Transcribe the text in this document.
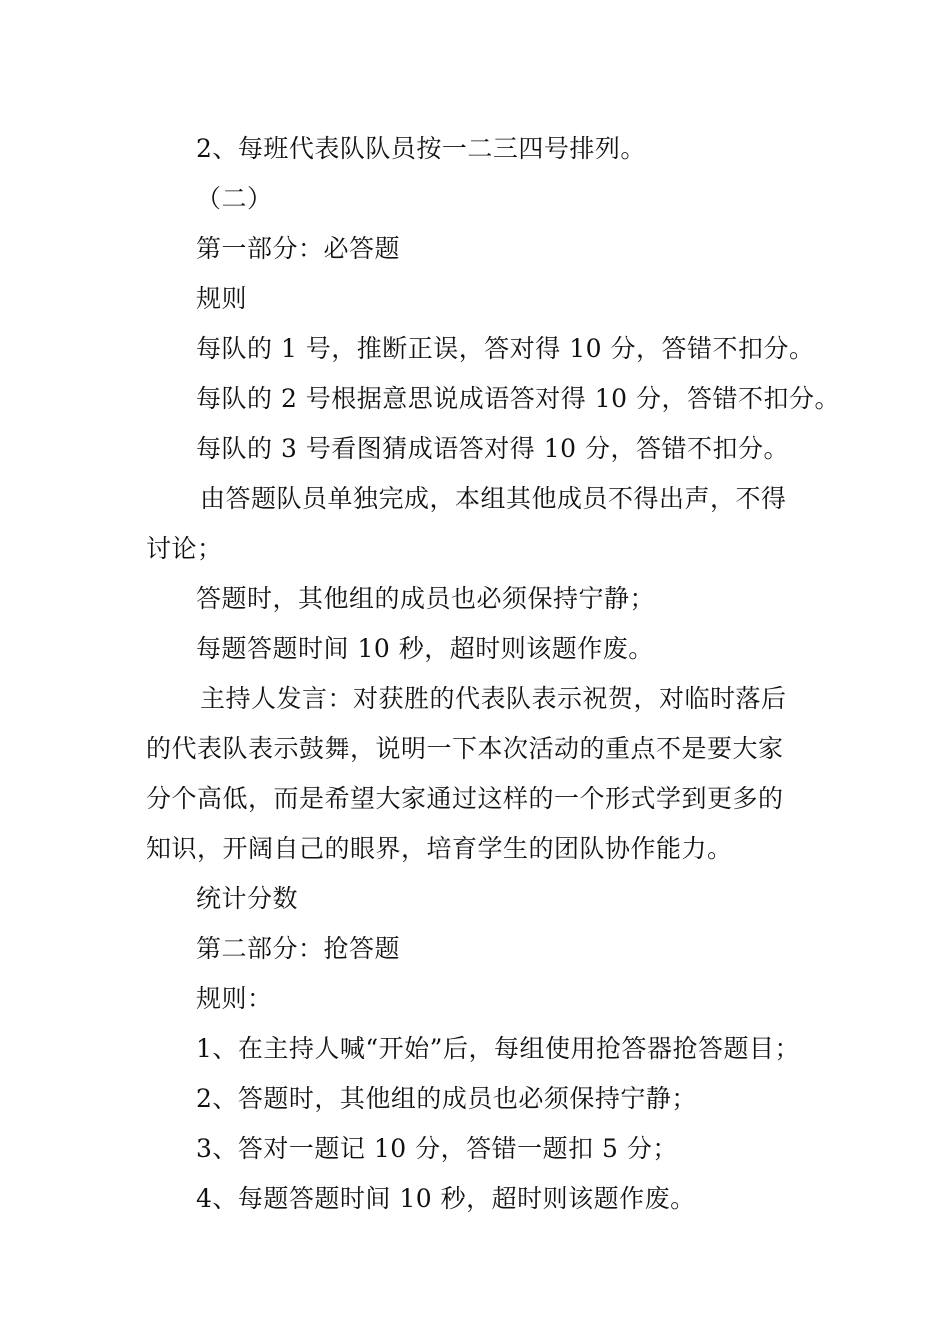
2、每班代表队队员按一二三四号排列。
（二）
第一部分：必答题
规则
每队的 1 号，推断正误，答对得 10 分，答错不扣分。
每队的 2 号根据意思说成语答对得 10 分，答错不扣分。
每队的 3 号看图猜成语答对得 10 分，答错不扣分。
由答题队员单独完成，本组其他成员不得出声，不得
讨论；
答题时，其他组的成员也必须保持宁静；
每题答题时间 10 秒，超时则该题作废。
主持人发言：对获胜的代表队表示祝贺，对临时落后
的代表队表示鼓舞，说明一下本次活动的重点不是要大家
分个高低，而是希望大家通过这样的一个形式学到更多的
知识，开阔自己的眼界，培育学生的团队协作能力。
统计分数
第二部分：抢答题
规则：
1、在主持人喊“开始”后，每组使用抢答器抢答题目；
2、答题时，其他组的成员也必须保持宁静；
3、答对一题记 10 分，答错一题扣 5 分；
4、每题答题时间 10 秒，超时则该题作废。
